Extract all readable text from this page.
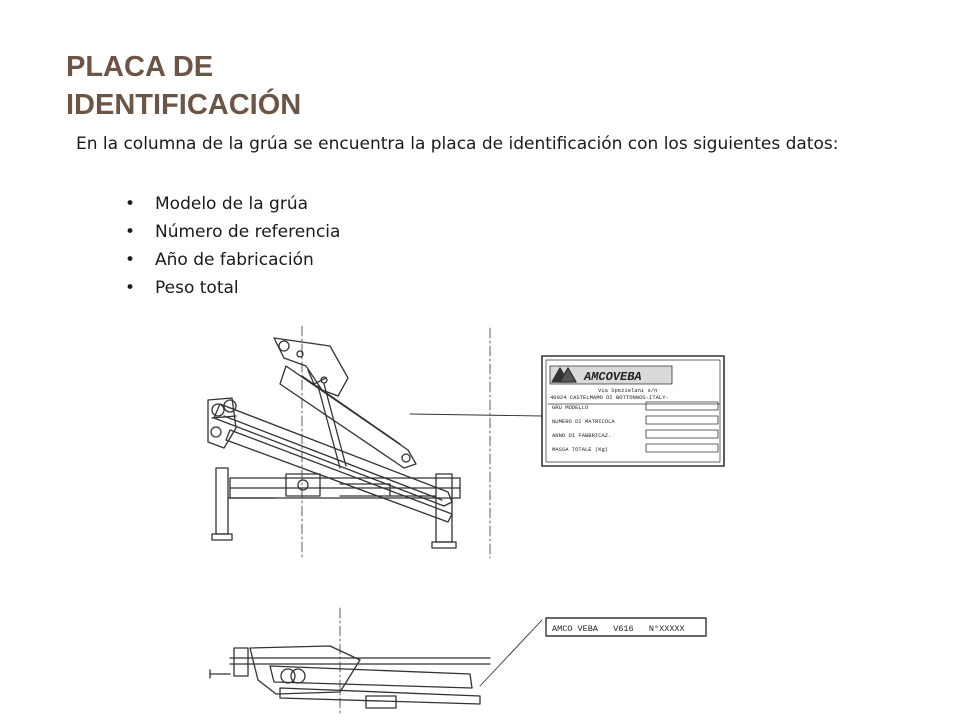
PLACA DE
IDENTIFICACIÓN

En la columna de la grúa se encuentra la placa de identificación con los siguientes datos:

• Modelo de la grúa
• Número de referencia
• Año de fabricación
• Peso total
AMCOVEBA
Via Spezielani s/n
40024 CASTELMAMO DI BOTTONNOS-ITALY-
GRU MODELLO
NUMERO DI MATRICOLA
ANNO DI FABBRICAZ.
MASSA TOTALE (Kg)
AMCO VEBA   V616   N°XXXXX
